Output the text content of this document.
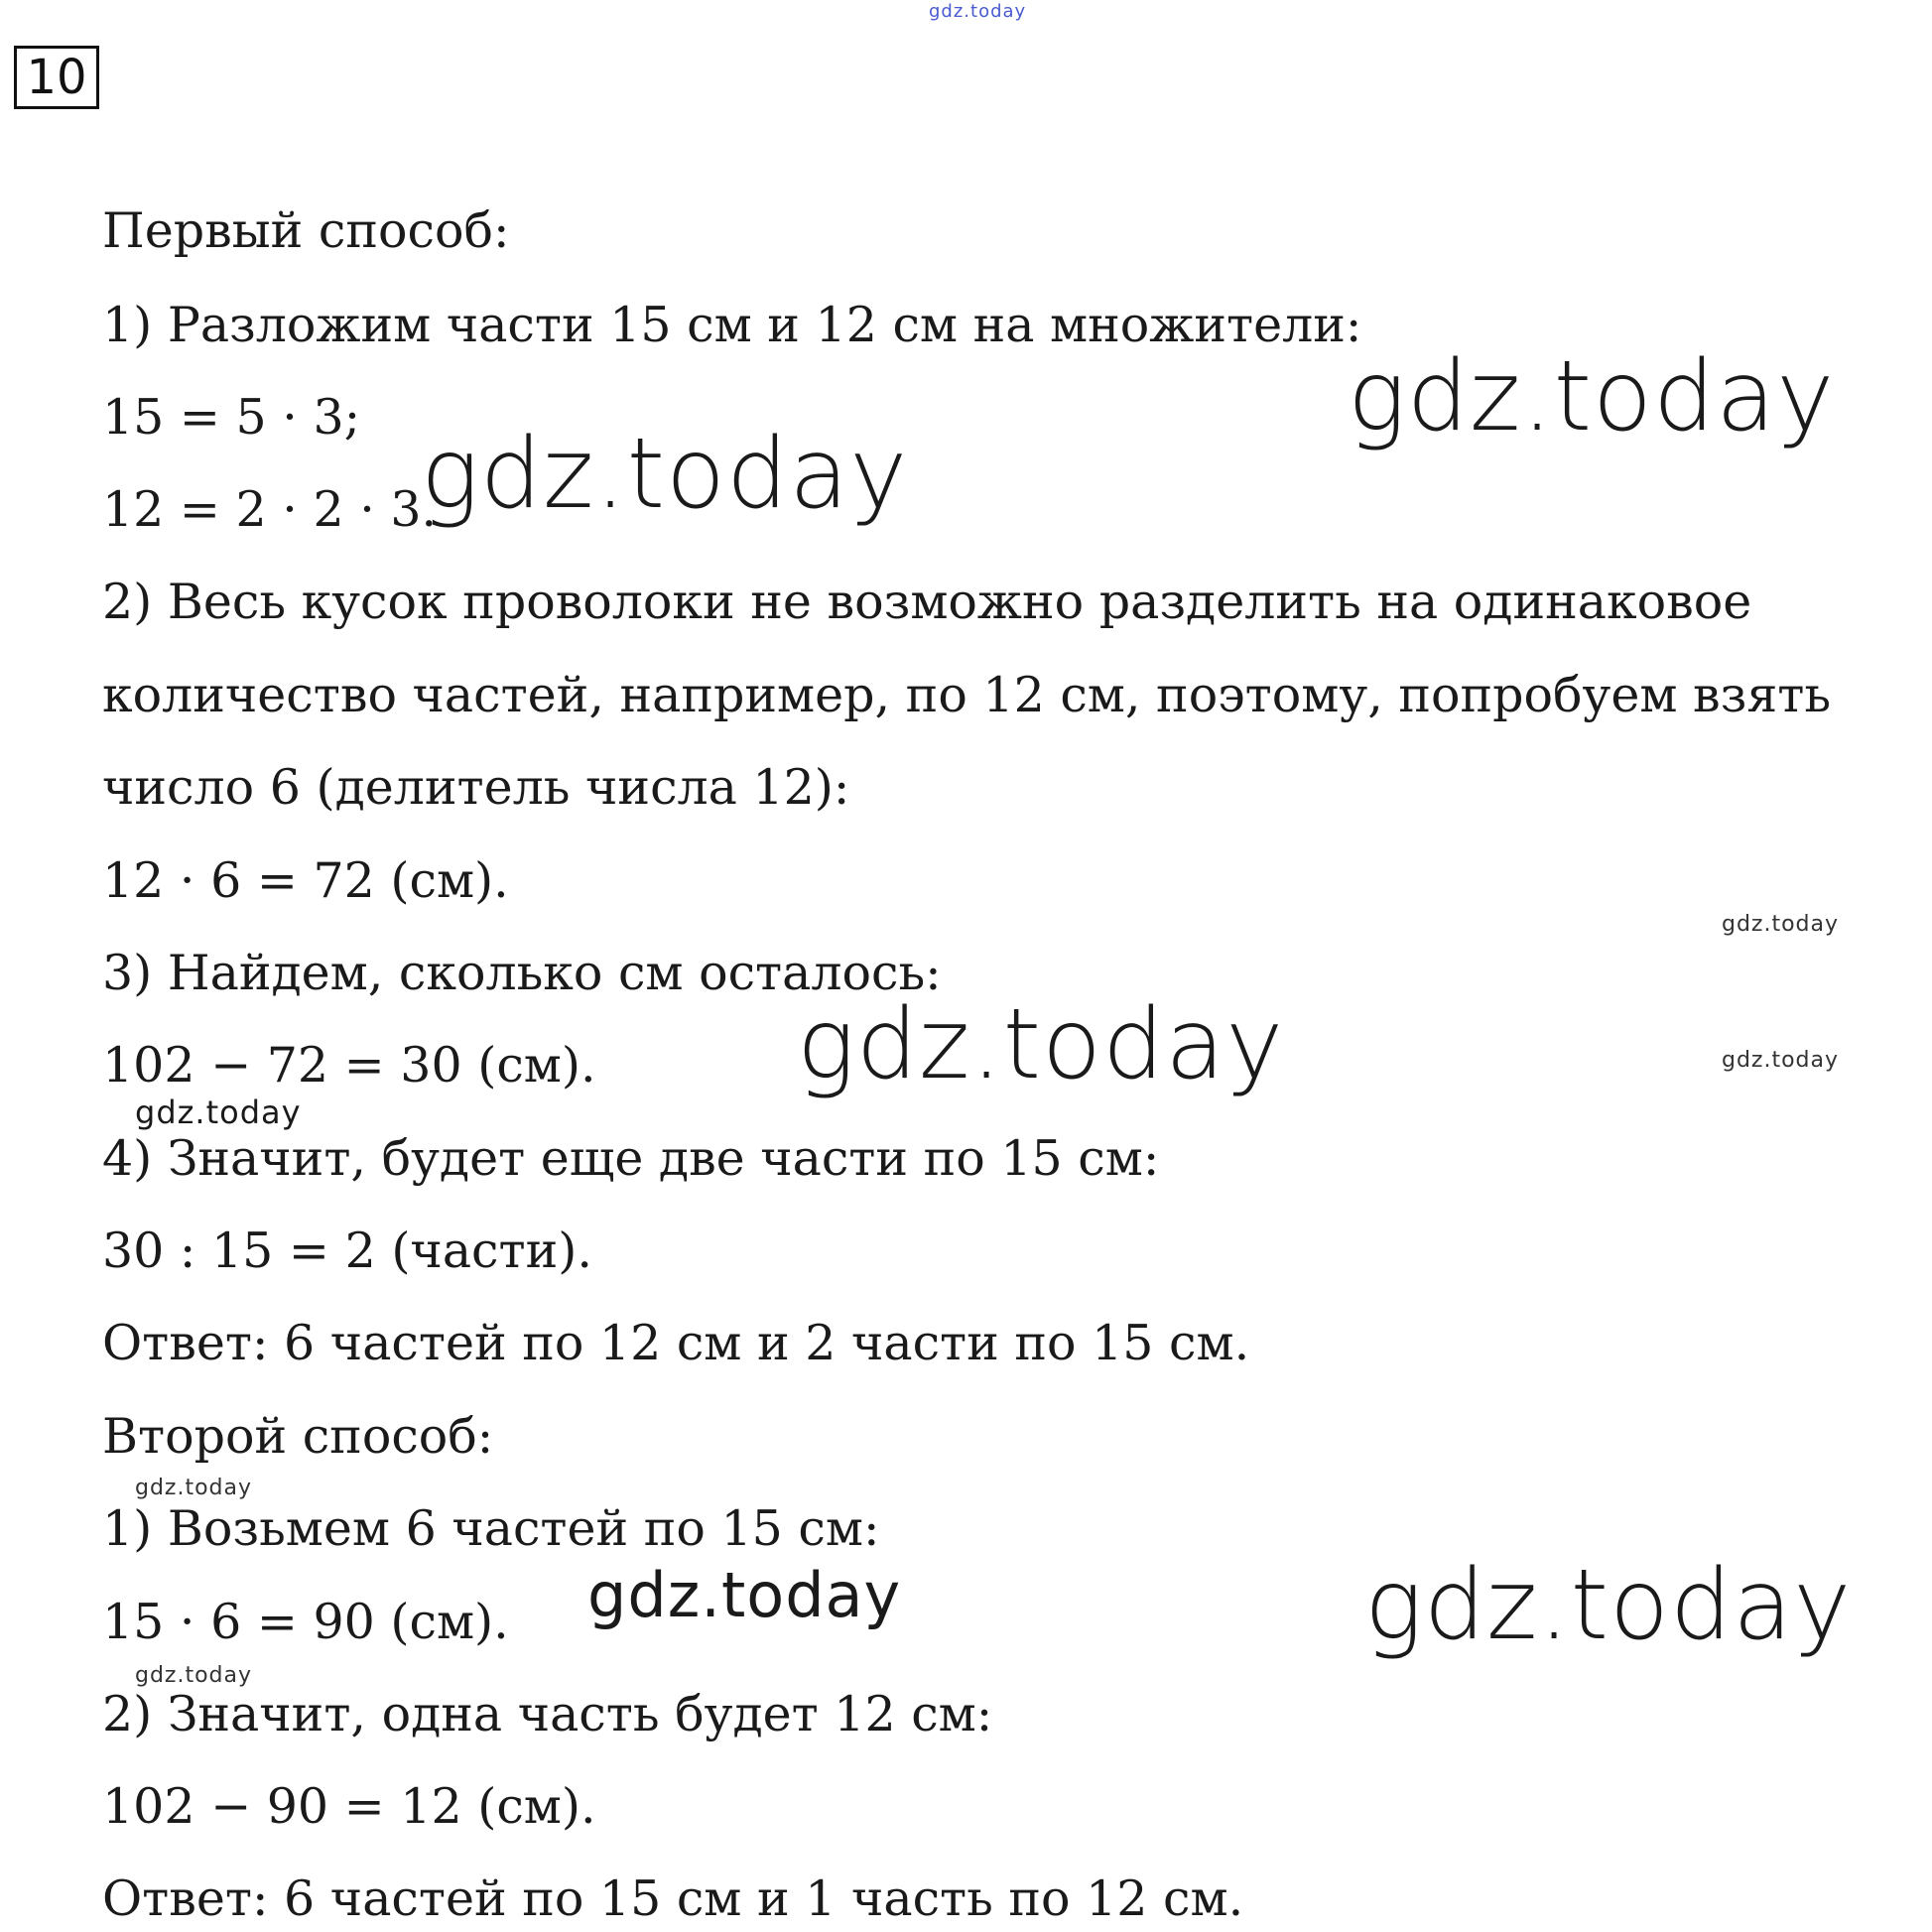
10
Первый способ:
1) Разложим части 15 см и 12 см на множители:
15 = 5 · 3;
12 = 2 · 2 · 3.
2) Весь кусок проволоки не возможно разделить на одинаковое
количество частей, например, по 12 см, поэтому, попробуем взять
число 6 (делитель числа 12):
12 · 6 = 72 (см).
3) Найдем, сколько см осталось:
102 − 72 = 30 (см).
4) Значит, будет еще две части по 15 см:
30 : 15 = 2 (части).
Ответ: 6 частей по 12 см и 2 части по 15 см.
Второй способ:
1) Возьмем 6 частей по 15 см:
15 · 6 = 90 (см).
2) Значит, одна часть будет 12 см:
102 − 90 = 12 (см).
Ответ: 6 частей по 15 см и 1 часть по 12 см.
gdz.today
gdz.today
gdz.today
gdz.today
gdz.today	gdz.today
gdz.today
gdz.today
gdz.today	gdz.today
gdz.today
